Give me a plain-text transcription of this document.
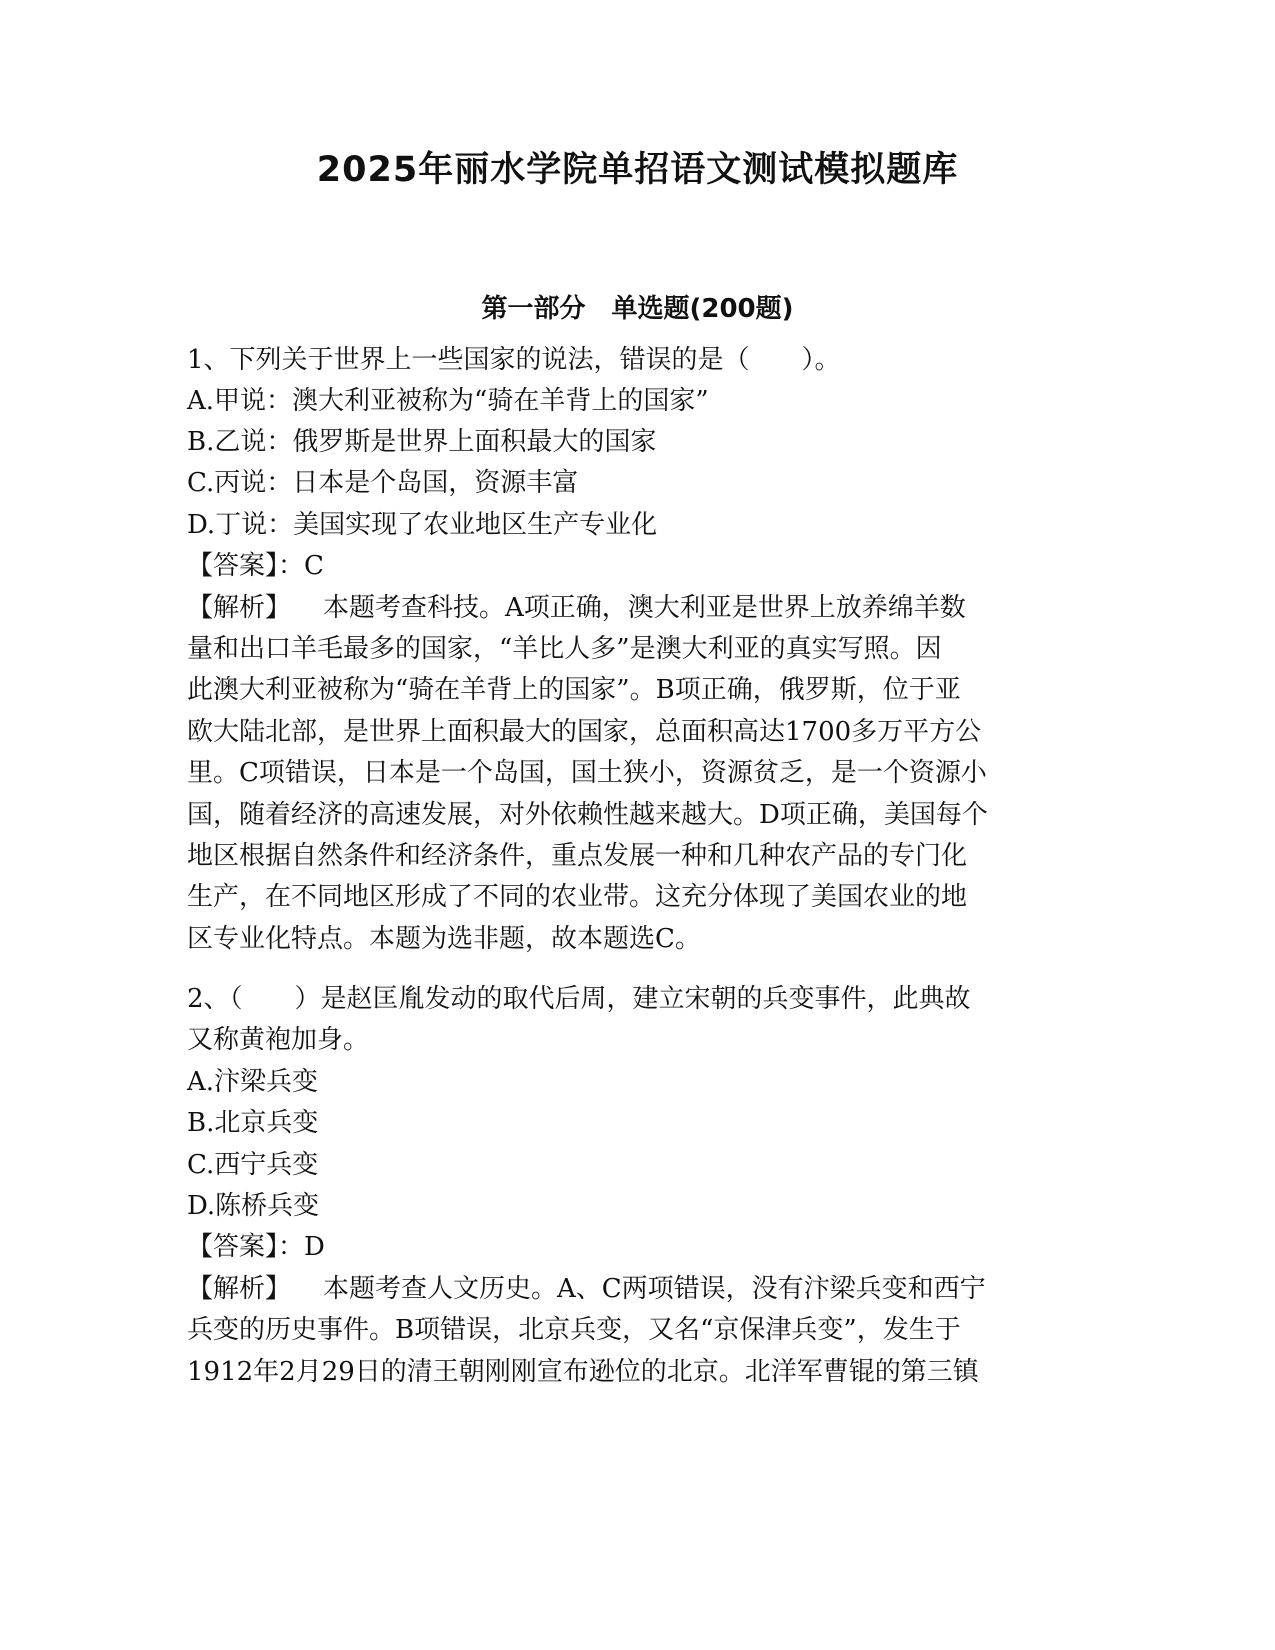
2025年丽水学院单招语文测试模拟题库
第一部分　单选题(200题)
1、下列关于世界上一些国家的说法，错误的是（　　）。
A.甲说：澳大利亚被称为“骑在羊背上的国家”
B.乙说：俄罗斯是世界上面积最大的国家
C.丙说：日本是个岛国，资源丰富
D.丁说：美国实现了农业地区生产专业化
【答案】：C
【解析】 本题考查科技。A项正确，澳大利亚是世界上放养绵羊数
量和出口羊毛最多的国家，“羊比人多”是澳大利亚的真实写照。因
此澳大利亚被称为“骑在羊背上的国家”。B项正确，俄罗斯，位于亚
欧大陆北部，是世界上面积最大的国家，总面积高达1700多万平方公
里。C项错误，日本是一个岛国，国土狭小，资源贫乏，是一个资源小
国，随着经济的高速发展，对外依赖性越来越大。D项正确，美国每个
地区根据自然条件和经济条件，重点发展一种和几种农产品的专门化
生产，在不同地区形成了不同的农业带。这充分体现了美国农业的地
区专业化特点。本题为选非题，故本题选C。
2、（　　）是赵匡胤发动的取代后周，建立宋朝的兵变事件，此典故
又称黄袍加身。
A.汴梁兵变
B.北京兵变
C.西宁兵变
D.陈桥兵变
【答案】：D
【解析】 本题考查人文历史。A、C两项错误，没有汴梁兵变和西宁
兵变的历史事件。B项错误，北京兵变，又名“京保津兵变”，发生于
1912年2月29日的清王朝刚刚宣布逊位的北京。北洋军曹锟的第三镇
